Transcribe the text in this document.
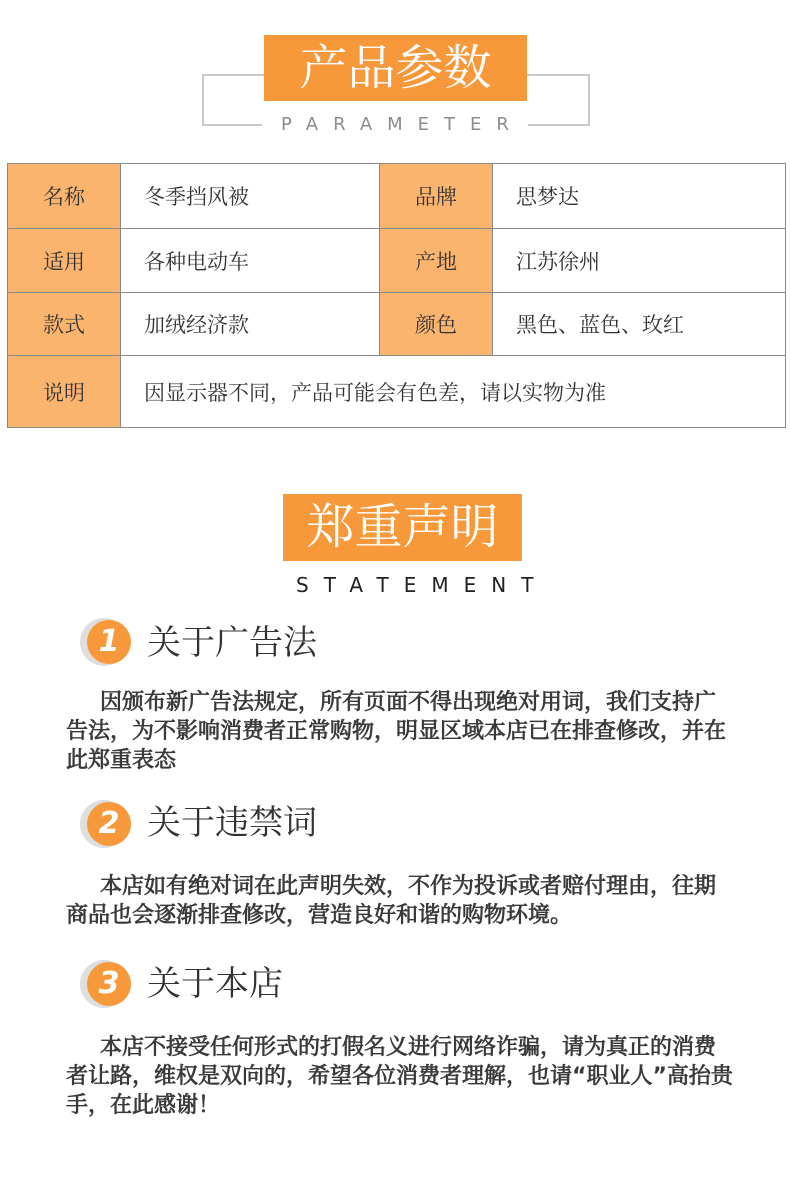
产品参数
PARAMETER
名称	冬季挡风被	品牌	思梦达
适用	各种电动车	产地	江苏徐州
款式	加绒经济款	颜色	黑色、蓝色、玫红
说明	因显示器不同，产品可能会有色差，请以实物为准		
郑重声明
STATEMENT
1 关于广告法
因颁布新广告法规定，所有页面不得出现绝对用词，我们支持广
告法，为不影响消费者正常购物，明显区域本店已在排查修改，并在
此郑重表态
2 关于违禁词
本店如有绝对词在此声明失效，不作为投诉或者赔付理由，往期
商品也会逐渐排查修改，营造良好和谐的购物环境。
3 关于本店
本店不接受任何形式的打假名义进行网络诈骗，请为真正的消费
者让路，维权是双向的，希望各位消费者理解，也请“职业人”高抬贵
手，在此感谢！
